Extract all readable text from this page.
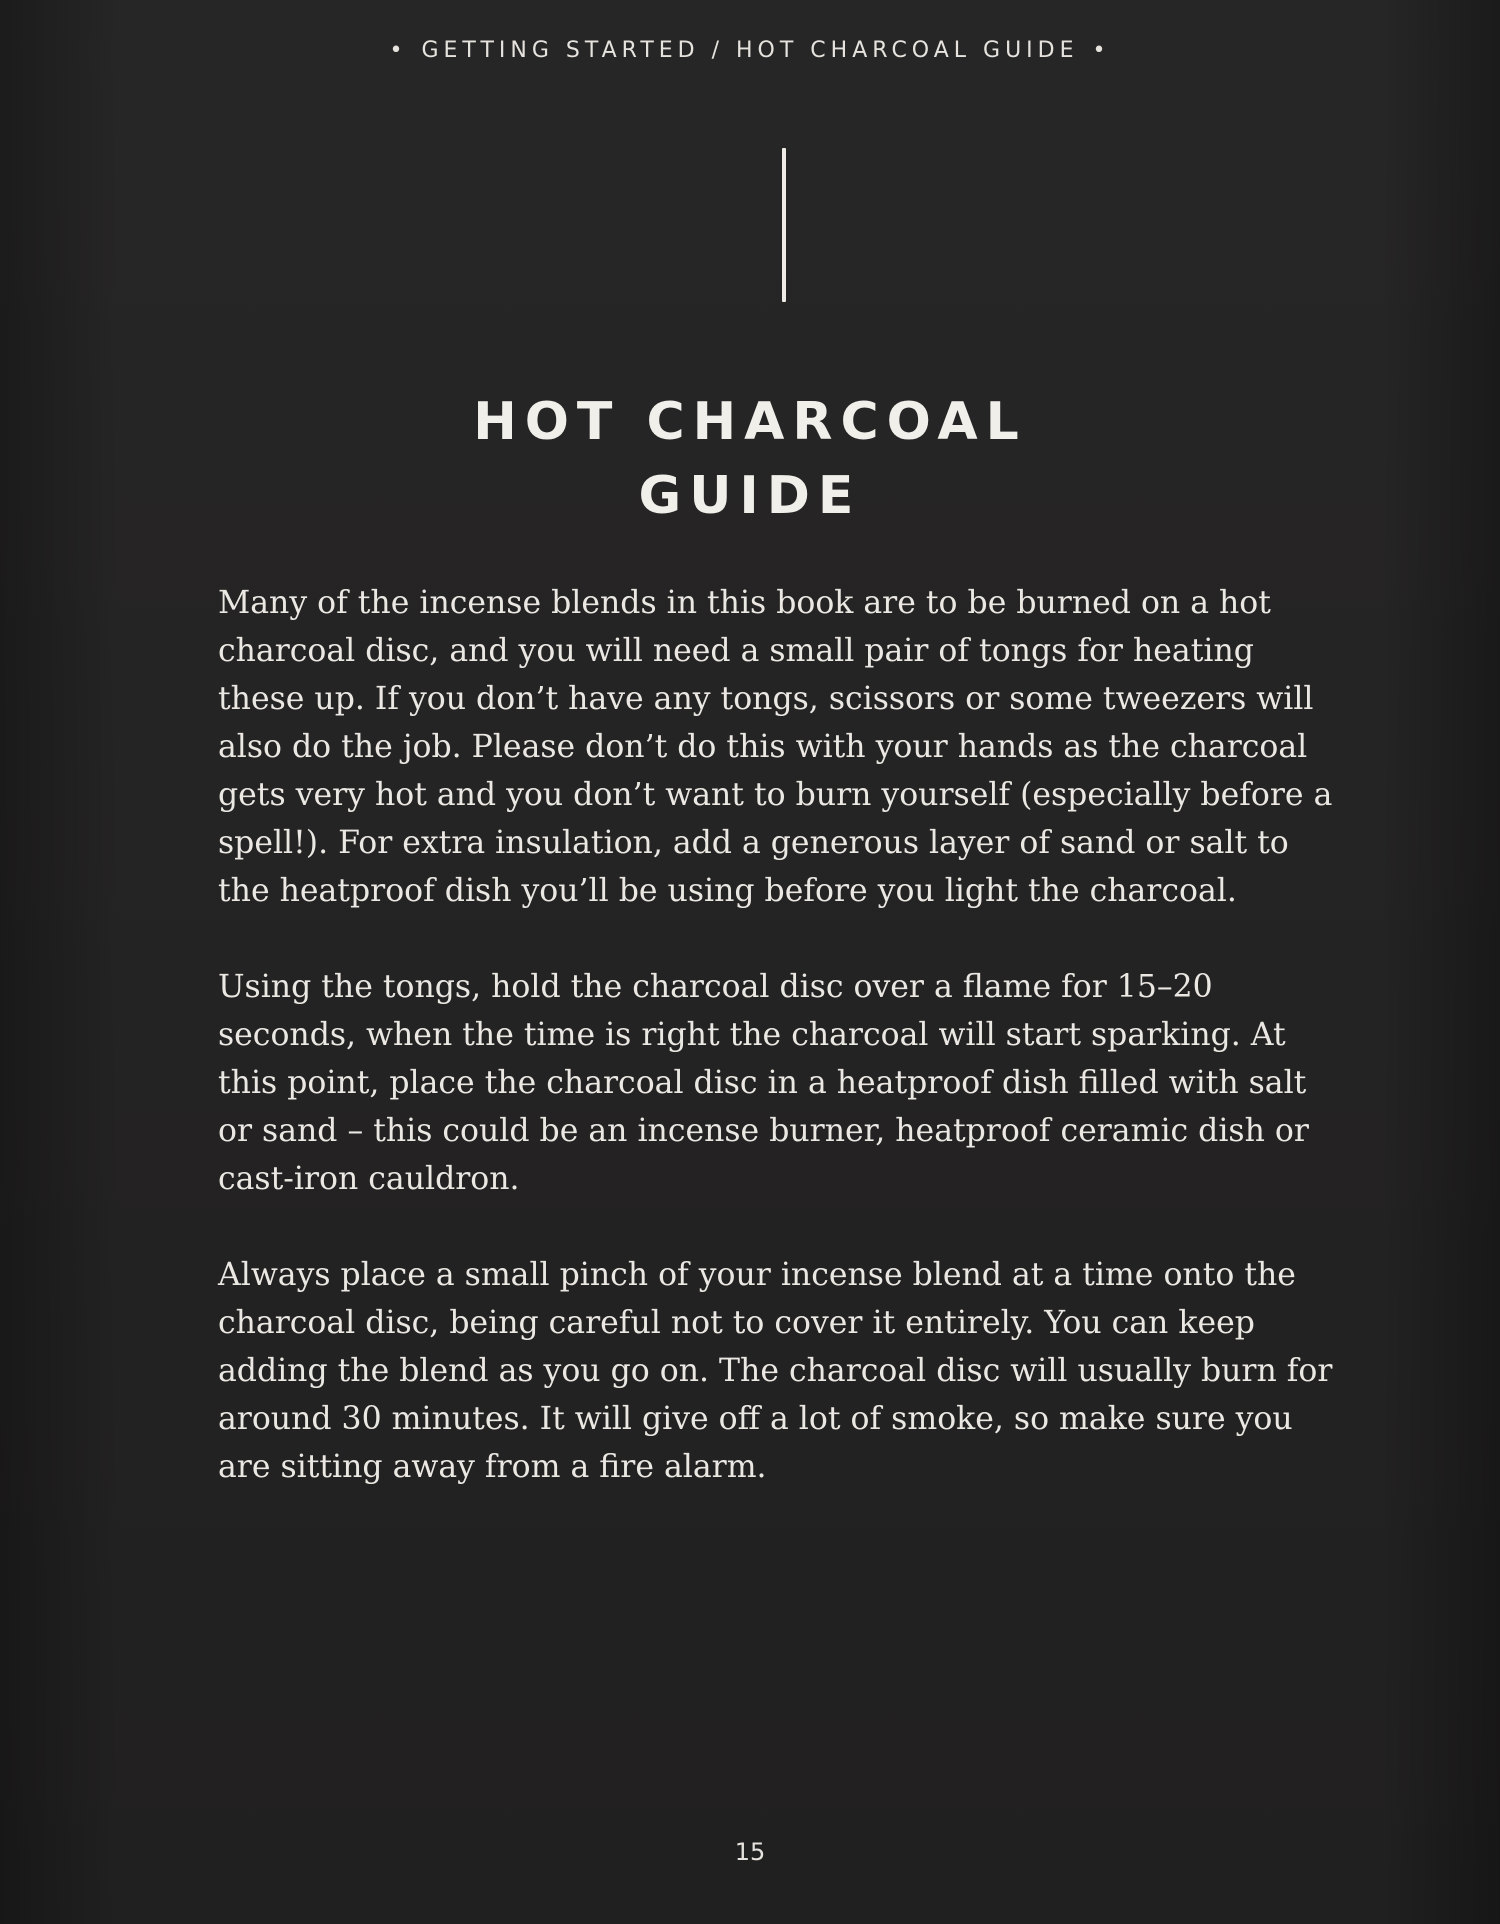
• GETTING STARTED / HOT CHARCOAL GUIDE •
HOT CHARCOAL
GUIDE

Many of the incense blends in this book are to be burned on a hot charcoal disc, and you will need a small pair of tongs for heating these up. If you don’t have any tongs, scissors or some tweezers will also do the job. Please don’t do this with your hands as the charcoal gets very hot and you don’t want to burn yourself (especially before a spell!). For extra insulation, add a generous layer of sand or salt to the heatproof dish you’ll be using before you light the charcoal.

Using the tongs, hold the charcoal disc over a flame for 15–20 seconds, when the time is right the charcoal will start sparking. At this point, place the charcoal disc in a heatproof dish filled with salt or sand – this could be an incense burner, heatproof ceramic dish or cast-iron cauldron.

Always place a small pinch of your incense blend at a time onto the charcoal disc, being careful not to cover it entirely. You can keep adding the blend as you go on. The charcoal disc will usually burn for around 30 minutes. It will give off a lot of smoke, so make sure you are sitting away from a fire alarm.

15
